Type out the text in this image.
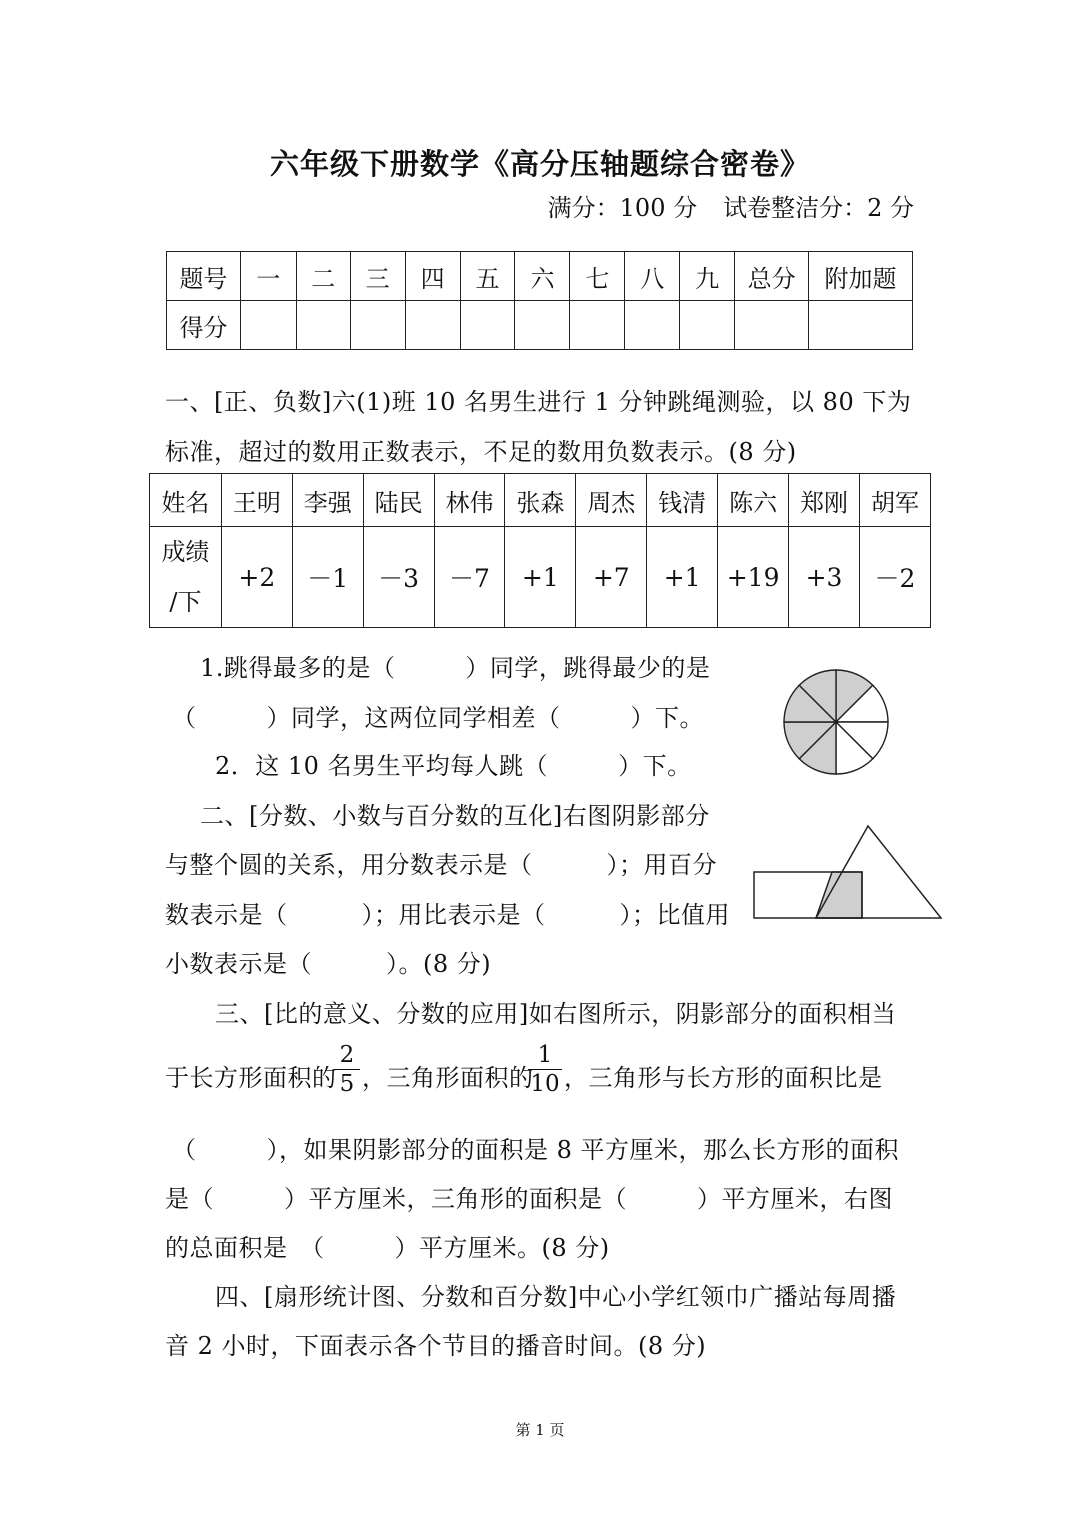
六年级下册数学《高分压轴题综合密卷》
满分：100 分 试卷整洁分：2 分
题号	一	二	三	四	五	六	七	八	九	总分	附加题
得分											
一、[正、负数]六(1)班 10 名男生进行 1 分钟跳绳测验，以 80 下为
标准，超过的数用正数表示，不足的数用负数表示。(8 分)
姓名	王明	李强	陆民	林伟	张森	周杰	钱清	陈六	郑刚	胡军
成绩
/下	+2	－1	－3	－7	+1	+7	+1	+19	+3	－2
1.跳得最多的是（	）同学，跳得最少的是
（	）同学，这两位同学相差（	）下。
2．这 10 名男生平均每人跳（	）下。
二、[分数、小数与百分数的互化]右图阴影部分
与整个圆的关系，用分数表示是（	）；用百分
数表示是（	）；用比表示是（	）；比值用
小数表示是（	）。(8 分)
三、[比的意义、分数的应用]如右图所示，阴影部分的面积相当
于长方形面积的
2
5 ，三角形面积的
1
10 ，三角形与长方形的面积比是
（	），如果阴影部分的面积是 8 平方厘米，那么长方形的面积
是（	）平方厘米，三角形的面积是（	）平方厘米，右图
的总面积是　（	）平方厘米。(8 分)
四、[扇形统计图、分数和百分数]中心小学红领巾广播站每周播
音 2 小时，下面表示各个节目的播音时间。(8 分)
第 1 页
